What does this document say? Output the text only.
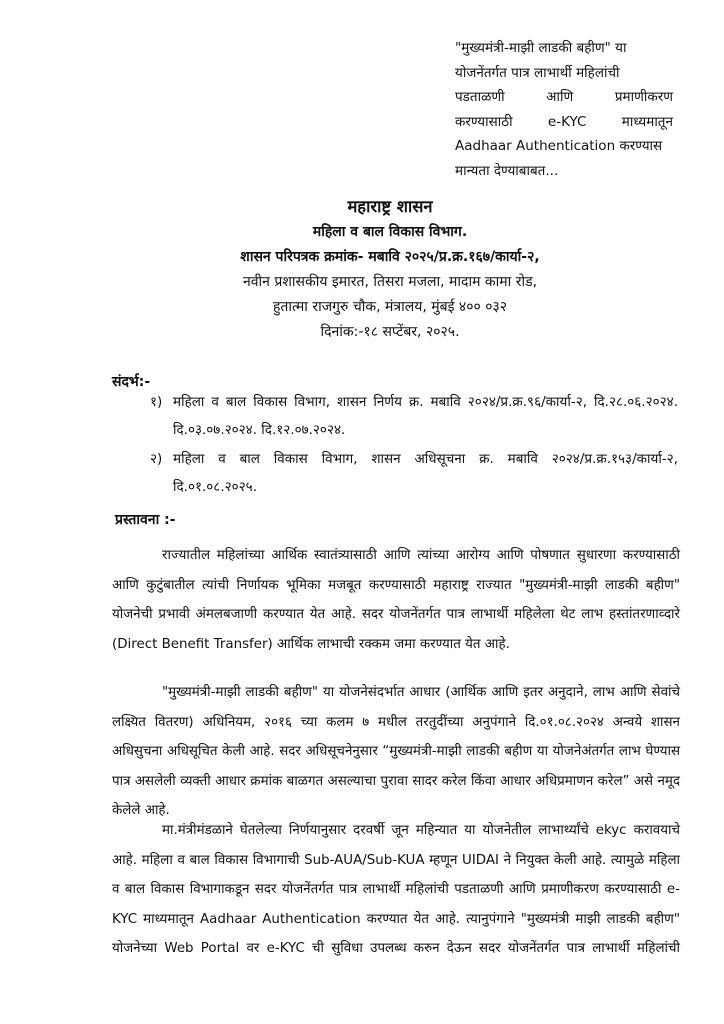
"मुख्यमंत्री-माझी लाडकी बहीण" या
योजनेंतर्गत पात्र लाभार्थी महिलांची
पडताळणी आणि प्रमाणीकरण
करण्यासाठी e-KYC माध्यमातून
Aadhaar Authentication करण्यास
मान्यता देण्याबाबत...
महाराष्ट्र शासन
महिला व बाल विकास विभाग.
शासन परिपत्रक क्रमांक- मबावि २०२५/प्र.क्र.१६७/कार्या-२,
नवीन प्रशासकीय इमारत, तिसरा मजला, मादाम कामा रोड,
हुतात्मा राजगुरु चौक, मंत्रालय, मुंबई ४०० ०३२
दिनांक:-१८ सप्टेंबर, २०२५.
संदर्भ:-
१) महिला व बाल विकास विभाग, शासन निर्णय क्र. मबावि २०२४/प्र.क्र.९६/कार्या-२, दि.२८.०६.२०२४. दि.०३.०७.२०२४. दि.१२.०७.२०२४.
२) महिला व बाल विकास विभाग, शासन अधिसूचना क्र. मबावि २०२४/प्र.क्र.१५३/कार्या-२, दि.०१.०८.२०२५.
प्रस्तावना :-

राज्यातील महिलांच्या आर्थिक स्वातंत्र्यासाठी आणि त्यांच्या आरोग्य आणि पोषणात सुधारणा करण्यासाठी आणि कुटुंबातील त्यांची निर्णायक भूमिका मजबूत करण्यासाठी महाराष्ट्र राज्यात "मुख्यमंत्री-माझी लाडकी बहीण" योजनेची प्रभावी अंमलबजाणी करण्यात येत आहे. सदर योजनेंतर्गत पात्र लाभार्थी महिलेला थेट लाभ हस्तांतरणाव्दारे (Direct Benefit Transfer) आर्थिक लाभाची रक्कम जमा करण्यात येत आहे.

"मुख्यमंत्री-माझी लाडकी बहीण" या योजनेसंदर्भात आधार (आर्थिक आणि इतर अनुदाने, लाभ आणि सेवांचे लक्ष्यित वितरण) अधिनियम, २०१६ च्या कलम ७ मधील तरतुदींच्या अनुपंगाने दि.०१.०८.२०२४ अन्वये शासन अधिसुचना अधिसूचित केली आहे. सदर अधिसूचनेनुसार “मुख्यमंत्री-माझी लाडकी बहीण या योजनेअंतर्गत लाभ घेण्यास पात्र असलेली व्यक्ती आधार क्रमांक बाळगत असल्याचा पुरावा सादर करेल किंवा आधार अधिप्रमाणन करेल” असे नमूद केलेले आहे.

मा.मंत्रीमंडळाने घेतलेल्या निर्णयानुसार दरवर्षी जून महिन्यात या योजनेतील लाभार्थ्यांचे ekyc करावयाचे आहे. महिला व बाल विकास विभागाची Sub-AUA/Sub-KUA म्हणून UIDAI ने नियुक्त केली आहे. त्यामुळे महिला व बाल विकास विभागाकडून सदर योजनेंतर्गत पात्र लाभार्थी महिलांची पडताळणी आणि प्रमाणीकरण करण्यासाठी e-KYC माध्यमातून Aadhaar Authentication करण्यात येत आहे. त्यानुपंगाने "मुख्यमंत्री माझी लाडकी बहीण" योजनेच्या Web Portal वर e-KYC ची सुविधा उपलब्ध करुन देऊन सदर योजनेंतर्गत पात्र लाभार्थी महिलांची
